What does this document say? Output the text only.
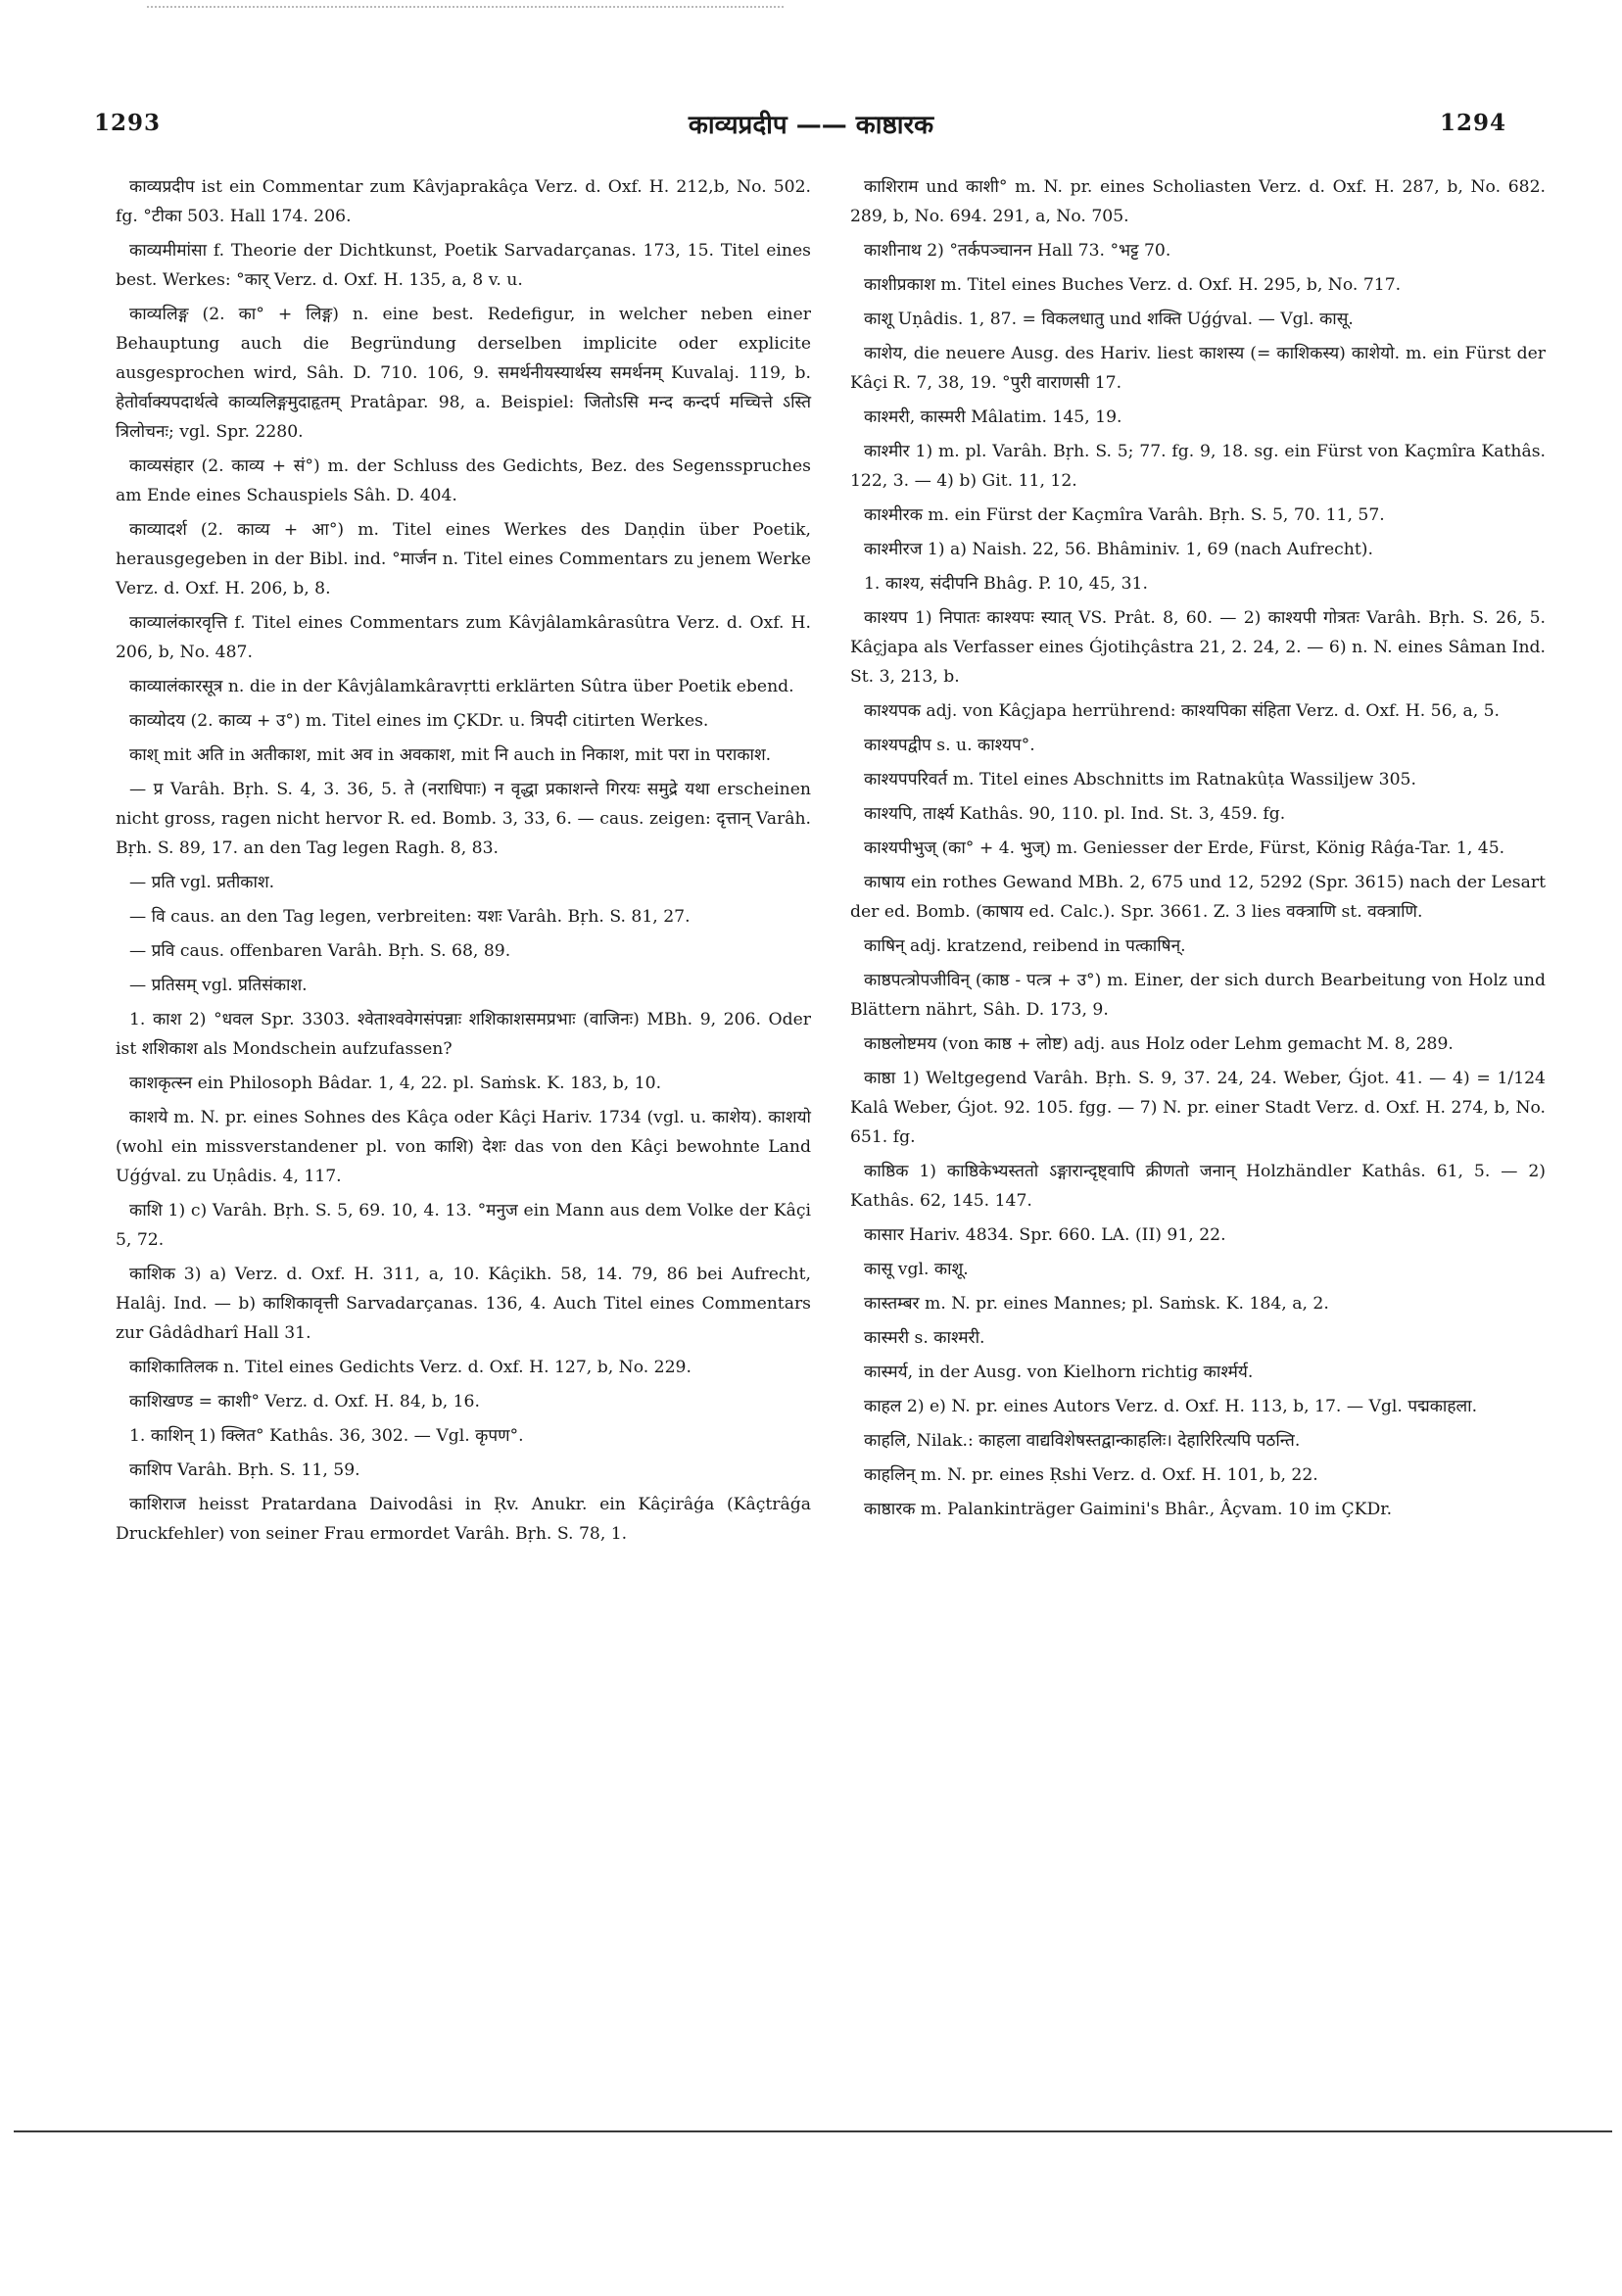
1293	काव्यप्रदीप —— काष्ठारक	1294

काव्यप्रदीप ist ein Commentar zum Kâvjaprakâça Verz. d. Oxf. H. 212,b, No. 502. fg. °टीका 503. Hall 174. 206.

काव्यमीमांसा f. Theorie der Dichtkunst, Poetik Sarvadarçanas. 173, 15. Titel eines best. Werkes: °कार् Verz. d. Oxf. H. 135, a, 8 v. u.

काव्यलिङ्ग (2. का° + लिङ्ग) n. eine best. Redefigur, in welcher neben einer Behauptung auch die Begründung derselben implicite oder explicite ausgesprochen wird, Sâh. D. 710. 106, 9. समर्थनीयस्यार्थस्य समर्थनम् Kuvalaj. 119, b. हेतोर्वाक्यपदार्थत्वे काव्यलिङ्गमुदाहृतम् Pratâpar. 98, a. Beispiel: जितोऽसि मन्द कन्दर्प मच्चित्ते ऽस्ति त्रिलोचनः; vgl. Spr. 2280.

काव्यसंहार (2. काव्य + सं°) m. der Schluss des Gedichts, Bez. des Segensspruches am Ende eines Schauspiels Sâh. D. 404.

काव्यादर्श (2. काव्य + आ°) m. Titel eines Werkes des Daṇḍin über Poetik, herausgegeben in der Bibl. ind. °मार्जन n. Titel eines Commentars zu jenem Werke Verz. d. Oxf. H. 206, b, 8.

काव्यालंकारवृत्ति f. Titel eines Commentars zum Kâvjâlamkârasûtra Verz. d. Oxf. H. 206, b, No. 487.

काव्यालंकारसूत्र n. die in der Kâvjâlamkâravṛtti erklärten Sûtra über Poetik ebend.

काव्योदय (2. काव्य + उ°) m. Titel eines im ÇKDr. u. त्रिपदी citirten Werkes.

काश् mit अति in अतीकाश, mit अव in अवकाश, mit नि auch in निकाश, mit परा in पराकाश.

— प्र Varâh. Bṛh. S. 4, 3. 36, 5. ते (नराधिपाः) न वृद्धा प्रकाशन्ते गिरयः समुद्रे यथा erscheinen nicht gross, ragen nicht hervor R. ed. Bomb. 3, 33, 6. — caus. zeigen: दृत्तान् Varâh. Bṛh. S. 89, 17. an den Tag legen Ragh. 8, 83.

— प्रति vgl. प्रतीकाश.

— वि caus. an den Tag legen, verbreiten: यशः Varâh. Bṛh. S. 81, 27.

— प्रवि caus. offenbaren Varâh. Bṛh. S. 68, 89.

— प्रतिसम् vgl. प्रतिसंकाश.

1. काश 2) °धवल Spr. 3303. श्वेताश्ववेगसंपन्नाः शशिकाशसमप्रभाः (वाजिनः) MBh. 9, 206. Oder ist शशिकाश als Mondschein aufzufassen?

काशकृत्स्न ein Philosoph Bâdar. 1, 4, 22. pl. Saṁsk. K. 183, b, 10.

काशये m. N. pr. eines Sohnes des Kâça oder Kâçi Hariv. 1734 (vgl. u. काशेय). काशयो (wohl ein missverstandener pl. von काशि) देशः das von den Kâçi bewohnte Land Uǵǵval. zu Uṇâdis. 4, 117.

काशि 1) c) Varâh. Bṛh. S. 5, 69. 10, 4. 13. °मनुज ein Mann aus dem Volke der Kâçi 5, 72.

काशिक 3) a) Verz. d. Oxf. H. 311, a, 10. Kâçikh. 58, 14. 79, 86 bei Aufrecht, Halâj. Ind. — b) काशिकावृत्ती Sarvadarçanas. 136, 4. Auch Titel eines Commentars zur Gâdâdharî Hall 31.

काशिकातिलक n. Titel eines Gedichts Verz. d. Oxf. H. 127, b, No. 229.

काशिखण्ड = काशी° Verz. d. Oxf. H. 84, b, 16.

1. काशिन् 1) क्लित° Kathâs. 36, 302. — Vgl. कृपण°.

काशिप Varâh. Bṛh. S. 11, 59.

काशिराज heisst Pratardana Daivodâsi in Ṛv. Anukr. ein Kâçirâǵa (Kâçtrâǵa Druckfehler) von seiner Frau ermordet Varâh. Bṛh. S. 78, 1.

काशिराम und काशी° m. N. pr. eines Scholiasten Verz. d. Oxf. H. 287, b, No. 682. 289, b, No. 694. 291, a, No. 705.

काशीनाथ 2) °तर्कपञ्चानन Hall 73. °भट्ट 70.

काशीप्रकाश m. Titel eines Buches Verz. d. Oxf. H. 295, b, No. 717.

काशू Uṇâdis. 1, 87. = विकलधातु und शक्ति Uǵǵval. — Vgl. कासू.

काशेय, die neuere Ausg. des Hariv. liest काशस्य (= काशिकस्य) काशेयो. m. ein Fürst der Kâçi R. 7, 38, 19. °पुरी वाराणसी 17.

काश्मरी, कास्मरी Mâlatim. 145, 19.

काश्मीर 1) m. pl. Varâh. Bṛh. S. 5; 77. fg. 9, 18. sg. ein Fürst von Kaçmîra Kathâs. 122, 3. — 4) b) Git. 11, 12.

काश्मीरक m. ein Fürst der Kaçmîra Varâh. Bṛh. S. 5, 70. 11, 57.

काश्मीरज 1) a) Naish. 22, 56. Bhâminiv. 1, 69 (nach Aufrecht).

1. काश्य, संदीपनि Bhâg. P. 10, 45, 31.

काश्यप 1) निपातः काश्यपः स्यात् VS. Prât. 8, 60. — 2) काश्यपी गोत्रतः Varâh. Bṛh. S. 26, 5. Kâçjapa als Verfasser eines Ǵjotihçâstra 21, 2. 24, 2. — 6) n. N. eines Sâman Ind. St. 3, 213, b.

काश्यपक adj. von Kâçjapa herrührend: काश्यपिका संहिता Verz. d. Oxf. H. 56, a, 5.

काश्यपद्वीप s. u. काश्यप°.

काश्यपपरिवर्त m. Titel eines Abschnitts im Ratnakûṭa Wassiljew 305.

काश्यपि, तार्क्ष्य Kathâs. 90, 110. pl. Ind. St. 3, 459. fg.

काश्यपीभुज् (का° + 4. भुज्) m. Geniesser der Erde, Fürst, König Râǵa-Tar. 1, 45.

काषाय ein rothes Gewand MBh. 2, 675 und 12, 5292 (Spr. 3615) nach der Lesart der ed. Bomb. (काषाय ed. Calc.). Spr. 3661. Z. 3 lies वक्त्राणि st. वक्त्राणि.

काषिन् adj. kratzend, reibend in पत्काषिन्.

काष्ठपत्त्रोपजीविन् (काष्ठ - पत्त्र + उ°) m. Einer, der sich durch Bearbeitung von Holz und Blättern nährt, Sâh. D. 173, 9.

काष्ठलोष्टमय (von काष्ठ + लोष्ट) adj. aus Holz oder Lehm gemacht M. 8, 289.

काष्ठा 1) Weltgegend Varâh. Bṛh. S. 9, 37. 24, 24. Weber, Ǵjot. 41. — 4) = 1/124 Kalâ Weber, Ǵjot. 92. 105. fgg. — 7) N. pr. einer Stadt Verz. d. Oxf. H. 274, b, No. 651. fg.

काष्ठिक 1) काष्ठिकेभ्यस्ततो ऽङ्गारान्दृष्ट्वापि क्रीणतो जनान् Holzhändler Kathâs. 61, 5. — 2) Kathâs. 62, 145. 147.

कासार Hariv. 4834. Spr. 660. LA. (II) 91, 22.

कासू vgl. काशू.

कास्तम्बर m. N. pr. eines Mannes; pl. Saṁsk. K. 184, a, 2.

कास्मरी s. काश्मरी.

कास्मर्य, in der Ausg. von Kielhorn richtig कार्श्मर्य.

काहल 2) e) N. pr. eines Autors Verz. d. Oxf. H. 113, b, 17. — Vgl. पद्मकाहला.

काहलि, Nilak.: काहला वाद्यविशेषस्तद्वान्काहलिः। देहारिरित्यपि पठन्ति.

काहलिन् m. N. pr. eines Ṛshi Verz. d. Oxf. H. 101, b, 22.

काष्ठारक m. Palankinträger Gaimini's Bhâr., Âçvam. 10 im ÇKDr.
